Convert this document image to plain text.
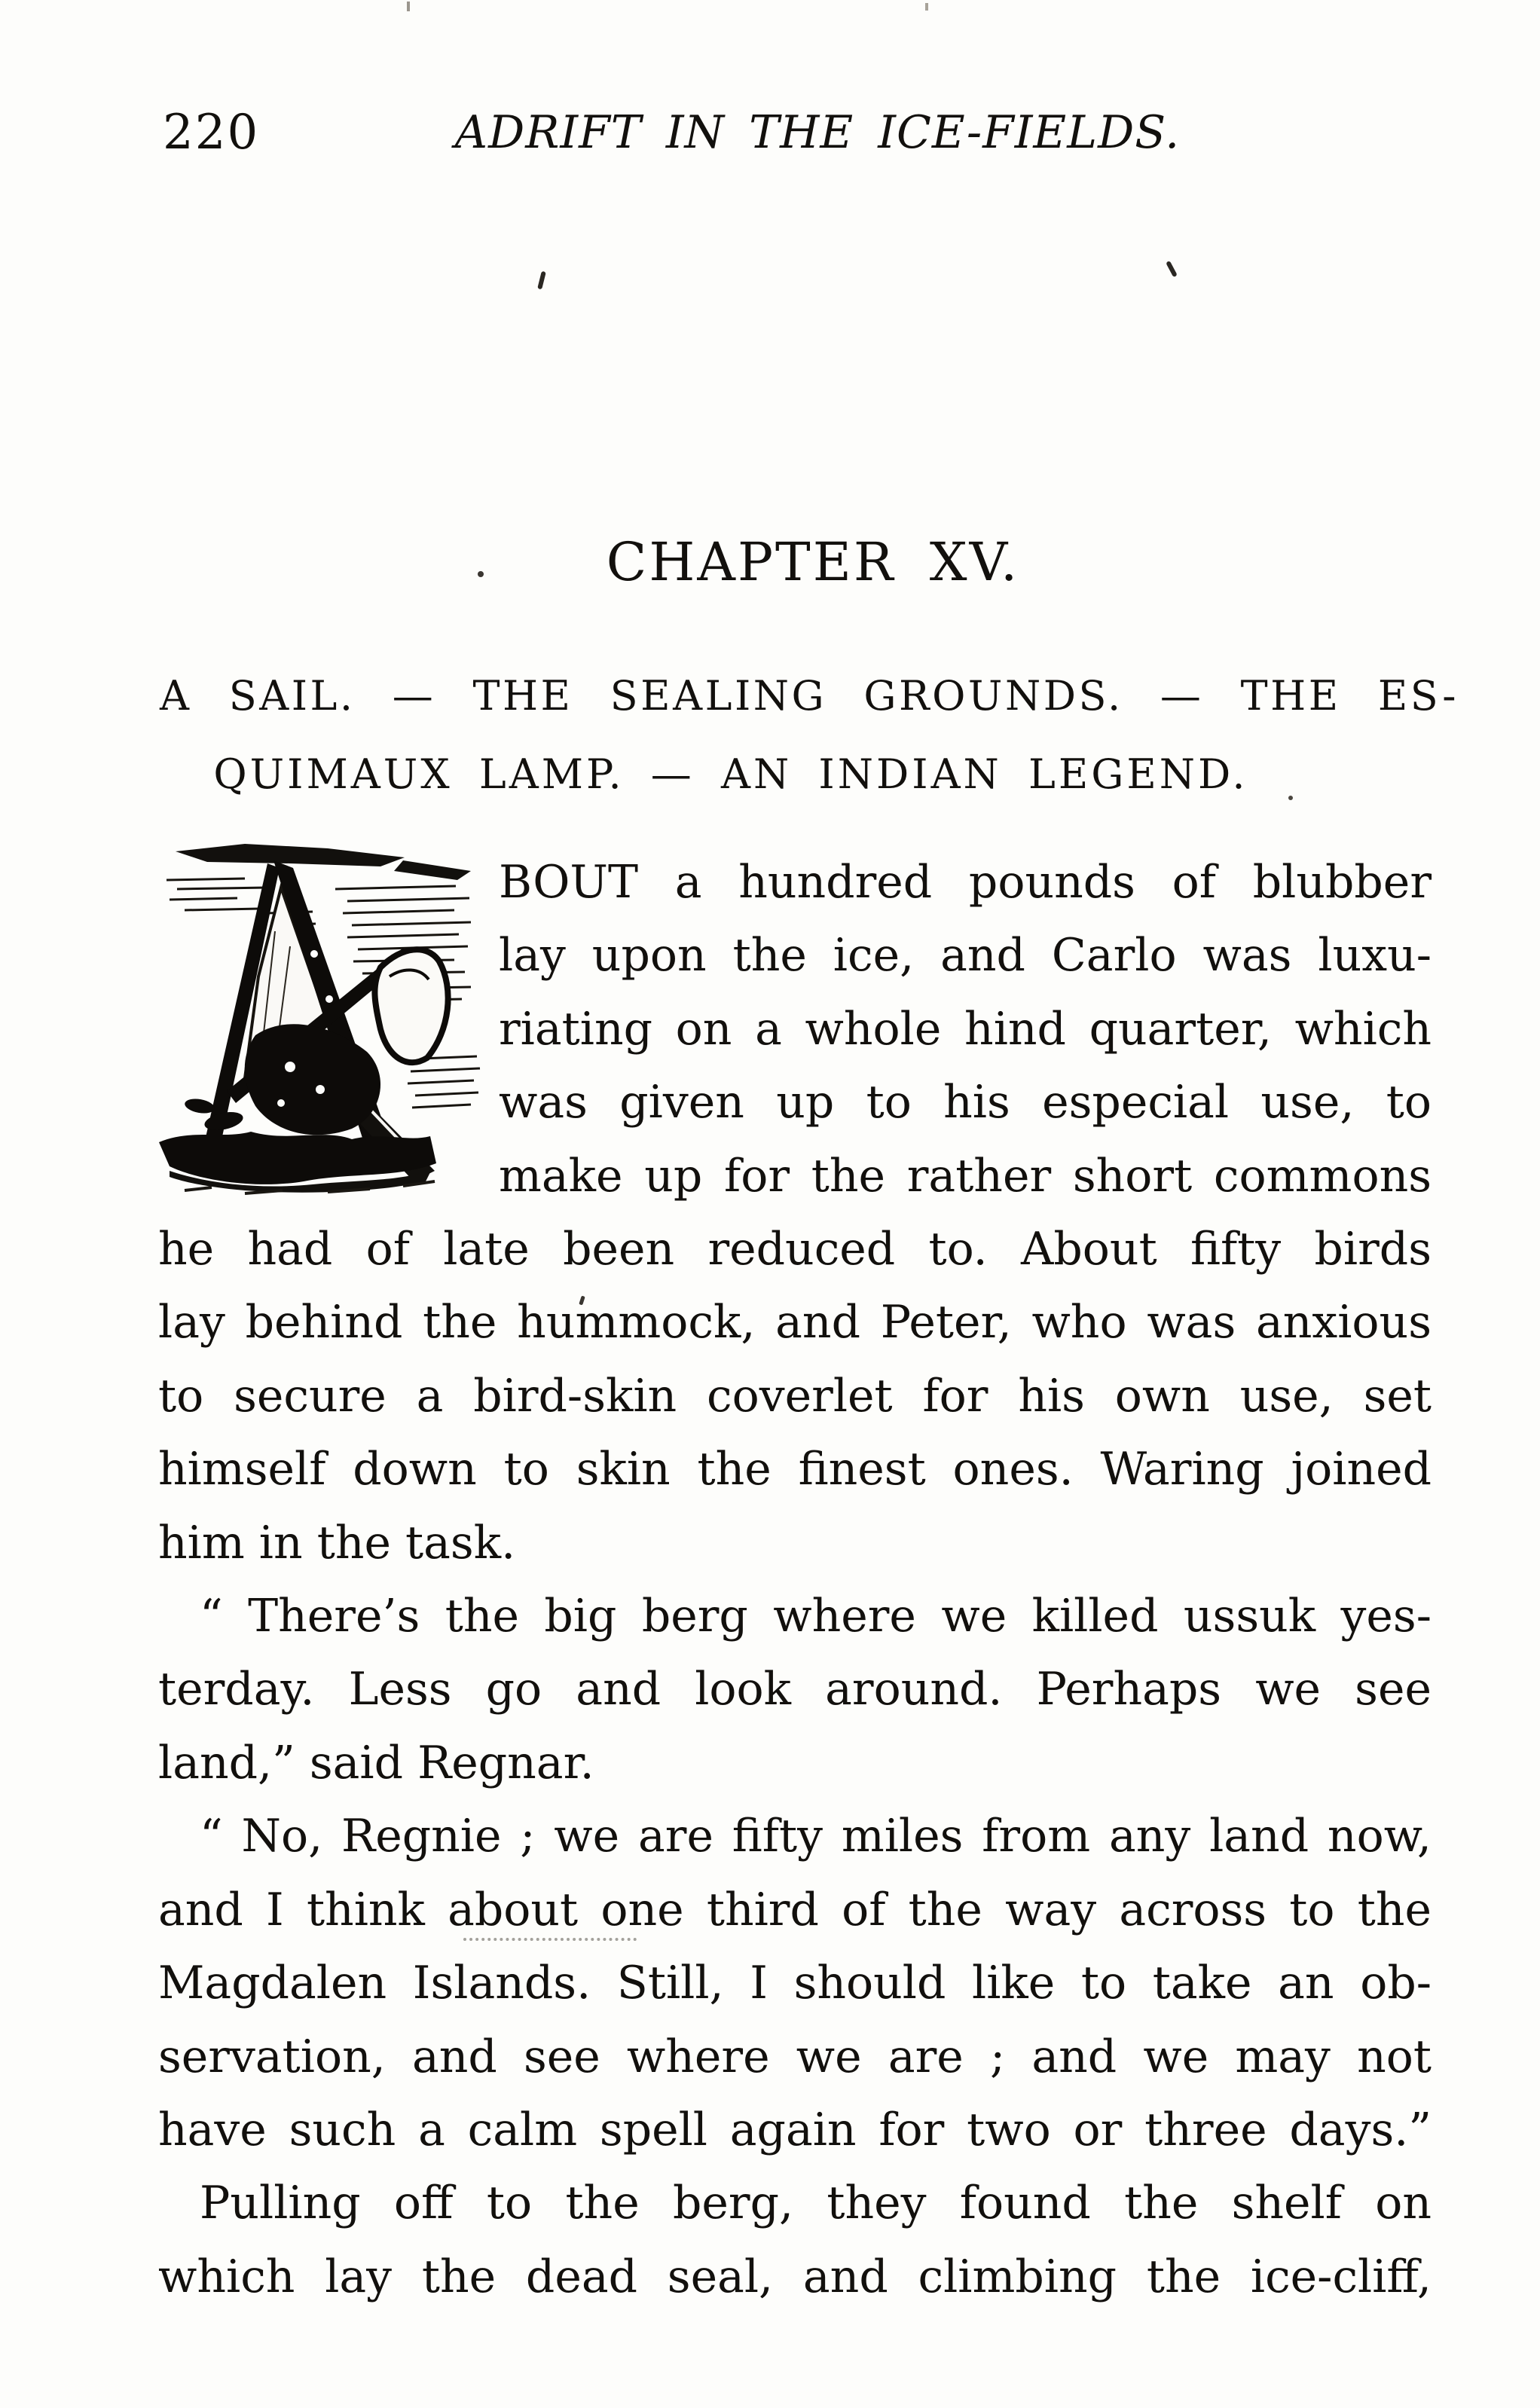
220	ADRIFT IN THE ICE-FIELDS.
CHAPTER XV.
A SAIL. — THE SEALING GROUNDS. — THE ES-
QUIMAUX LAMP. — AN INDIAN LEGEND.
BOUT a hundred pounds of blubber
lay upon the ice, and Carlo was luxu-
riating on a whole hind quarter, which
was given up to his especial use, to
make up for the rather short commons
he had of late been reduced to. About fifty birds
lay behind the hummock, and Peter, who was anxious
to secure a bird-skin coverlet for his own use, set
himself down to skin the finest ones. Waring joined
him in the task.
“ There’s the big berg where we killed ussuk yes-
terday. Less go and look around. Perhaps we see
land,” said Regnar.
“ No, Regnie ; we are fifty miles from any land now,
and I think about one third of the way across to the
Magdalen Islands. Still, I should like to take an ob-
servation, and see where we are ; and we may not
have such a calm spell again for two or three days.”
Pulling off to the berg, they found the shelf on
which lay the dead seal, and climbing the ice-cliff,
